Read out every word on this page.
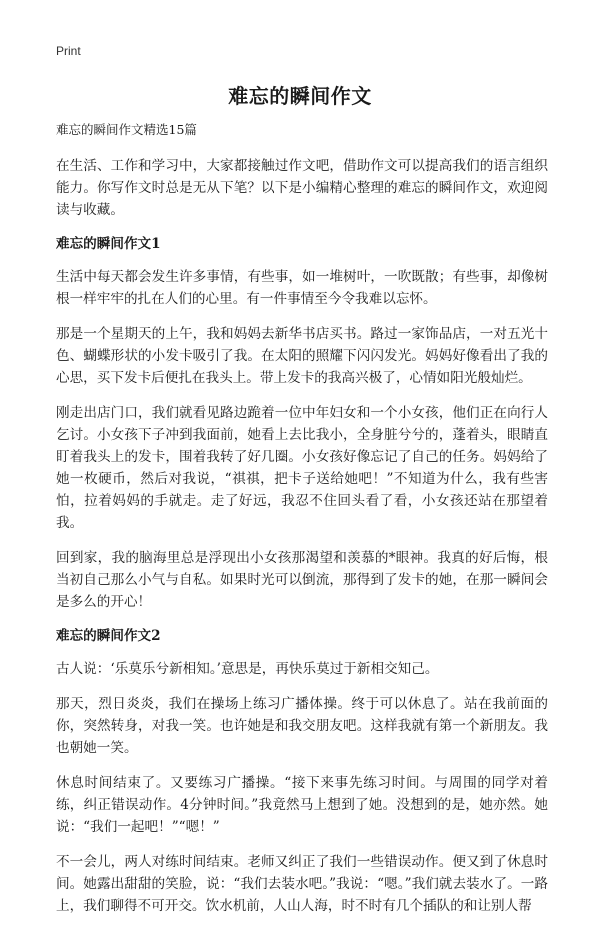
Print
难忘的瞬间作文
难忘的瞬间作文精选15篇

在生活、工作和学习中，大家都接触过作文吧，借助作文可以提高我们的语言组织能力。你写作文时总是无从下笔？以下是小编精心整理的难忘的瞬间作文，欢迎阅读与收藏。

难忘的瞬间作文1

生活中每天都会发生许多事情，有些事，如一堆树叶，一吹既散；有些事，却像树根一样牢牢的扎在人们的心里。有一件事情至今令我难以忘怀。

那是一个星期天的上午，我和妈妈去新华书店买书。路过一家饰品店，一对五光十色、蝴蝶形状的小发卡吸引了我。在太阳的照耀下闪闪发光。妈妈好像看出了我的心思，买下发卡后便扎在我头上。带上发卡的我高兴极了，心情如阳光般灿烂。

刚走出店门口，我们就看见路边跪着一位中年妇女和一个小女孩，他们正在向行人乞讨。小女孩下子冲到我面前，她看上去比我小，全身脏兮兮的，蓬着头，眼睛直盯着我头上的发卡，围着我转了好几圈。小女孩好像忘记了自己的任务。妈妈给了她一枚硬币，然后对我说，“祺祺，把卡子送给她吧！”不知道为什么，我有些害怕，拉着妈妈的手就走。走了好远，我忍不住回头看了看，小女孩还站在那望着我。

回到家，我的脑海里总是浮现出小女孩那渴望和羡慕的*眼神。我真的好后悔，根当初自己那么小气与自私。如果时光可以倒流，那得到了发卡的她，在那一瞬间会是多么的开心！

难忘的瞬间作文2

古人说：‘乐莫乐兮新相知。’意思是，再快乐莫过于新相交知己。

那天，烈日炎炎，我们在操场上练习广播体操。终于可以休息了。站在我前面的你，突然转身，对我一笑。也许她是和我交朋友吧。这样我就有第一个新朋友。我也朝她一笑。

休息时间结束了。又要练习广播操。“接下来事先练习时间。与周围的同学对着练，纠正错误动作。4分钟时间。”我竟然马上想到了她。没想到的是，她亦然。她说：“我们一起吧！”“嗯！”

不一会儿，两人对练时间结束。老师又纠正了我们一些错误动作。便又到了休息时间。她露出甜甜的笑脸，说：“我们去装水吧。”我说：“嗯。”我们就去装水了。一路上，我们聊得不可开交。饮水机前，人山人海，时不时有几个插队的和让别人帮
